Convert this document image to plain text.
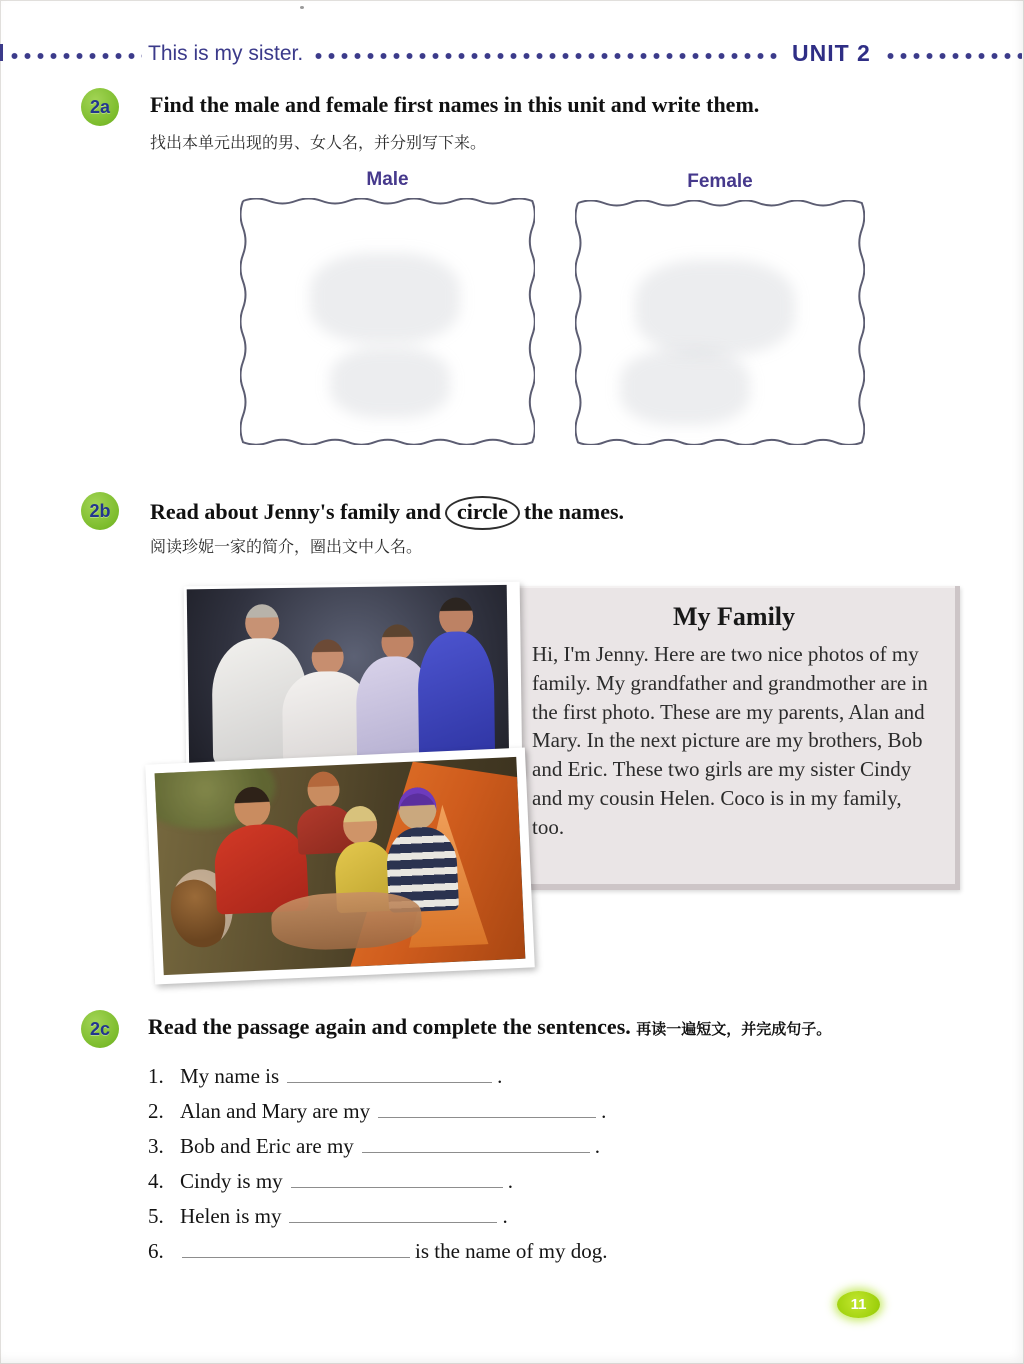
This is my sister.	UNIT 2
2a	Find the male and female first names in this unit and write them.
找出本单元出现的男、女人名，并分别写下来。
Male	Female
2b	Read about Jenny's family and circle the names.
阅读珍妮一家的简介，圈出文中人名。
My Family
Hi, I'm Jenny. Here are two nice photos of my family. My grandfather and grandmother are in the first photo. These are my parents, Alan and Mary. In the next picture are my brothers, Bob and Eric. These two girls are my sister Cindy and my cousin Helen. Coco is in my family, too.
2c	Read the passage again and complete the sentences. 再读一遍短文，并完成句子。
1. My name is	.
2. Alan and Mary are my	.
3. Bob and Eric are my	.
4. Cindy is my	.
5. Helen is my	.
6.	is the name of my dog.
11
